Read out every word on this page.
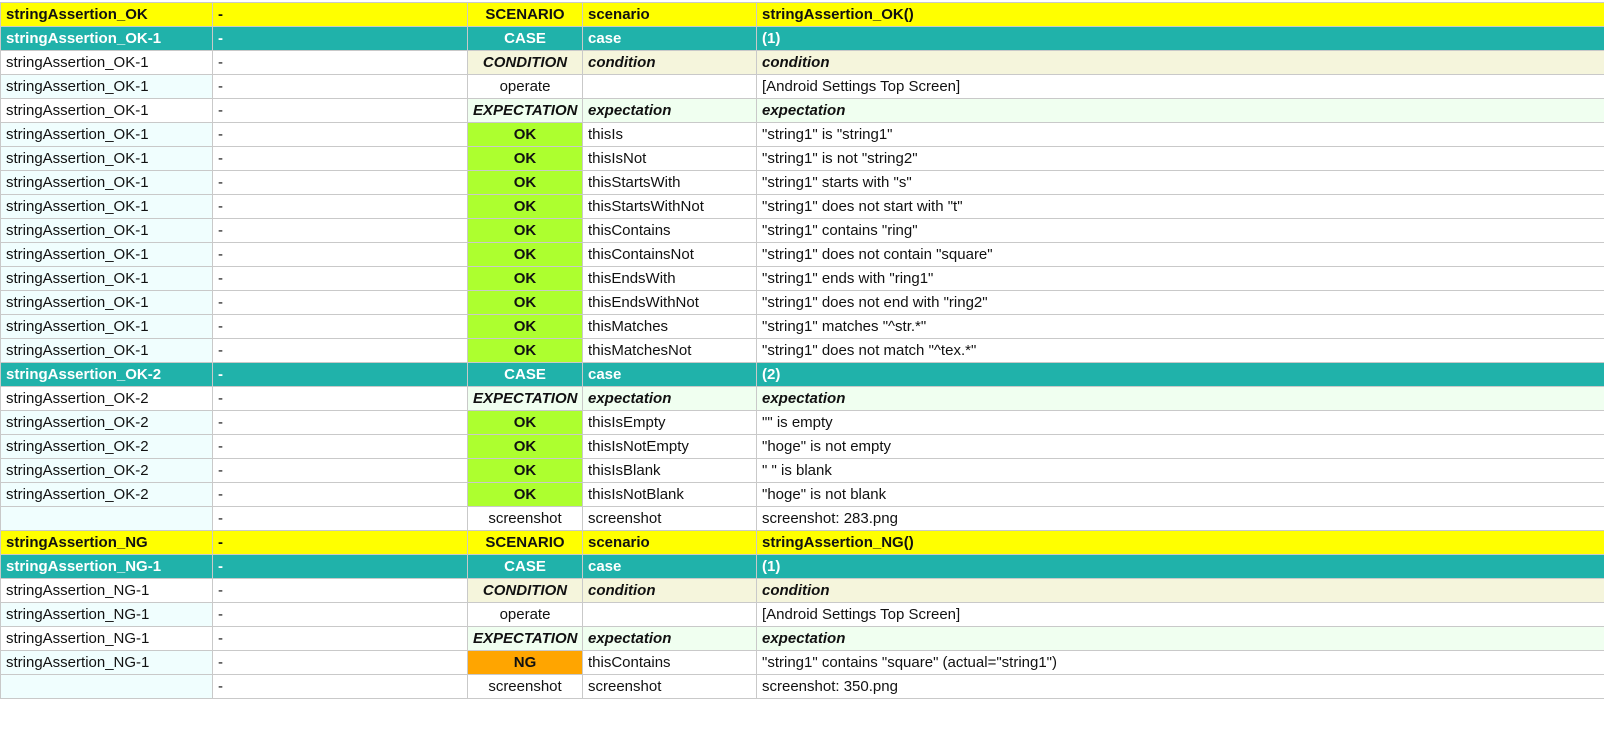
stringAssertion_OK	-	SCENARIO	scenario	stringAssertion_OK()
stringAssertion_OK-1	-	CASE	case	(1)
stringAssertion_OK-1	-	CONDITION	condition	condition
stringAssertion_OK-1	-	operate		[Android Settings Top Screen]
stringAssertion_OK-1	-	EXPECTATION	expectation	expectation
stringAssertion_OK-1	-	OK	thisIs	"string1" is "string1"
stringAssertion_OK-1	-	OK	thisIsNot	"string1" is not "string2"
stringAssertion_OK-1	-	OK	thisStartsWith	"string1" starts with "s"
stringAssertion_OK-1	-	OK	thisStartsWithNot	"string1" does not start with "t"
stringAssertion_OK-1	-	OK	thisContains	"string1" contains "ring"
stringAssertion_OK-1	-	OK	thisContainsNot	"string1" does not contain "square"
stringAssertion_OK-1	-	OK	thisEndsWith	"string1" ends with "ring1"
stringAssertion_OK-1	-	OK	thisEndsWithNot	"string1" does not end with "ring2"
stringAssertion_OK-1	-	OK	thisMatches	"string1" matches "^str.*"
stringAssertion_OK-1	-	OK	thisMatchesNot	"string1" does not match "^tex.*"
stringAssertion_OK-2	-	CASE	case	(2)
stringAssertion_OK-2	-	EXPECTATION	expectation	expectation
stringAssertion_OK-2	-	OK	thisIsEmpty	"" is empty
stringAssertion_OK-2	-	OK	thisIsNotEmpty	"hoge" is not empty
stringAssertion_OK-2	-	OK	thisIsBlank	" " is blank
stringAssertion_OK-2	-	OK	thisIsNotBlank	"hoge" is not blank
	-	screenshot	screenshot	screenshot: 283.png
stringAssertion_NG	-	SCENARIO	scenario	stringAssertion_NG()
stringAssertion_NG-1	-	CASE	case	(1)
stringAssertion_NG-1	-	CONDITION	condition	condition
stringAssertion_NG-1	-	operate		[Android Settings Top Screen]
stringAssertion_NG-1	-	EXPECTATION	expectation	expectation
stringAssertion_NG-1	-	NG	thisContains	"string1" contains "square" (actual="string1")
	-	screenshot	screenshot	screenshot: 350.png
